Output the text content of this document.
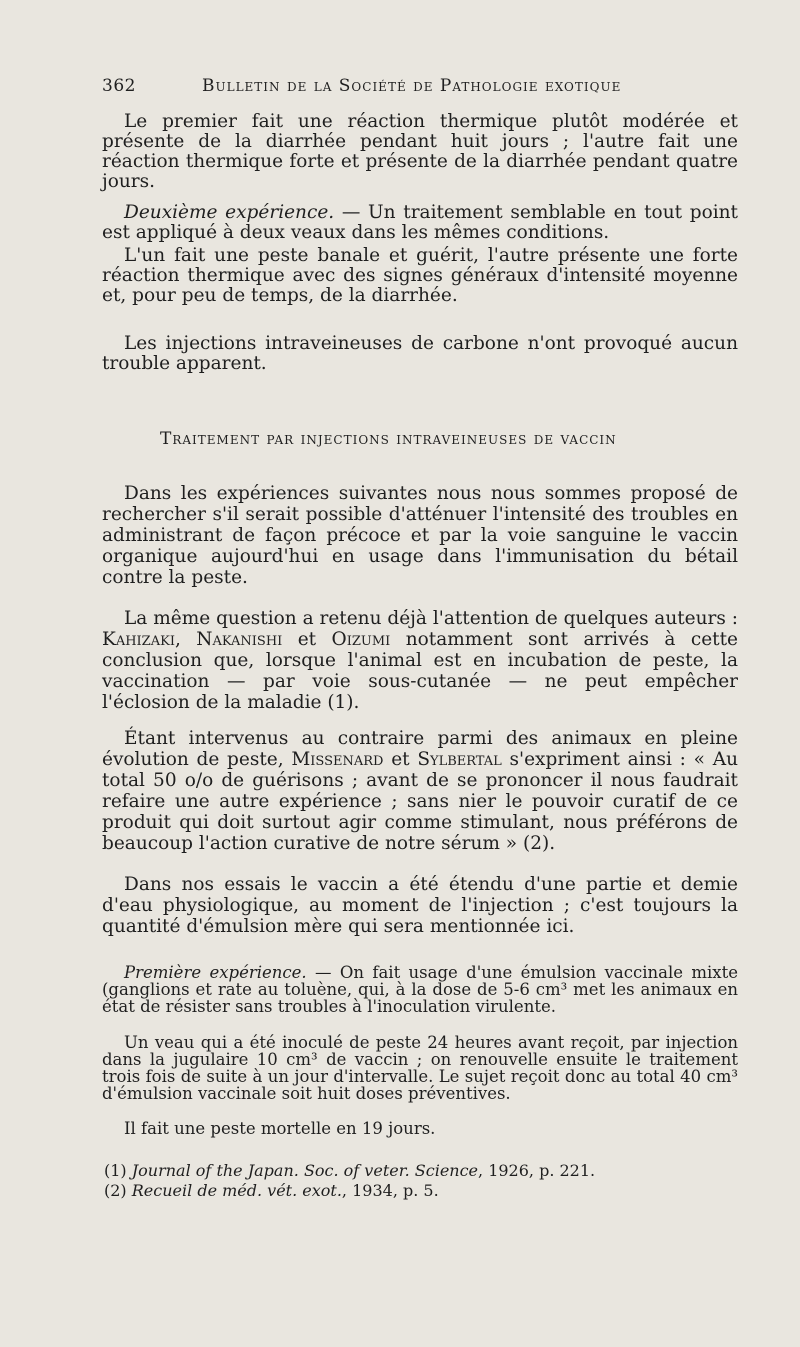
362	Bulletin de la Société de Pathologie exotique

Le premier fait une réaction thermique plutôt modérée et présente de la diarrhée pendant huit jours ; l'autre fait une réaction thermique forte et présente de la diarrhée pendant quatre jours.

Deuxième expérience. — Un traitement semblable en tout point est appliqué à deux veaux dans les mêmes conditions.

L'un fait une peste banale et guérit, l'autre présente une forte réaction thermique avec des signes généraux d'intensité moyenne et, pour peu de temps, de la diarrhée.

Les injections intraveineuses de carbone n'ont provoqué aucun trouble apparent.

Traitement par injections intraveineuses de vaccin

Dans les expériences suivantes nous nous sommes proposé de rechercher s'il serait possible d'atténuer l'intensité des troubles en administrant de façon précoce et par la voie sanguine le vaccin organique aujourd'hui en usage dans l'immunisation du bétail contre la peste.

La même question a retenu déjà l'attention de quelques auteurs : Kahizaki, Nakanishi et Oizumi notamment sont arrivés à cette conclusion que, lorsque l'animal est en incubation de peste, la vaccination — par voie sous-cutanée — ne peut empêcher l'éclosion de la maladie (1).

Étant intervenus au contraire parmi des animaux en pleine évolution de peste, Missenard et Sylbertal s'expriment ainsi : « Au total 50 o/o de guérisons ; avant de se prononcer il nous faudrait refaire une autre expérience ; sans nier le pouvoir curatif de ce produit qui doit surtout agir comme stimulant, nous préférons de beaucoup l'action curative de notre sérum » (2).

Dans nos essais le vaccin a été étendu d'une partie et demie d'eau physiologique, au moment de l'injection ; c'est toujours la quantité d'émulsion mère qui sera mentionnée ici.

Première expérience. — On fait usage d'une émulsion vaccinale mixte (ganglions et rate au toluène, qui, à la dose de 5-6 cm³ met les animaux en état de résister sans troubles à l'inoculation virulente.

Un veau qui a été inoculé de peste 24 heures avant reçoit, par injection dans la jugulaire 10 cm³ de vaccin ; on renouvelle ensuite le traitement trois fois de suite à un jour d'intervalle. Le sujet reçoit donc au total 40 cm³ d'émulsion vaccinale soit huit doses préventives.

Il fait une peste mortelle en 19 jours.

(1) Journal of the Japan. Soc. of veter. Science, 1926, p. 221.
(2) Recueil de méd. vét. exot., 1934, p. 5.
